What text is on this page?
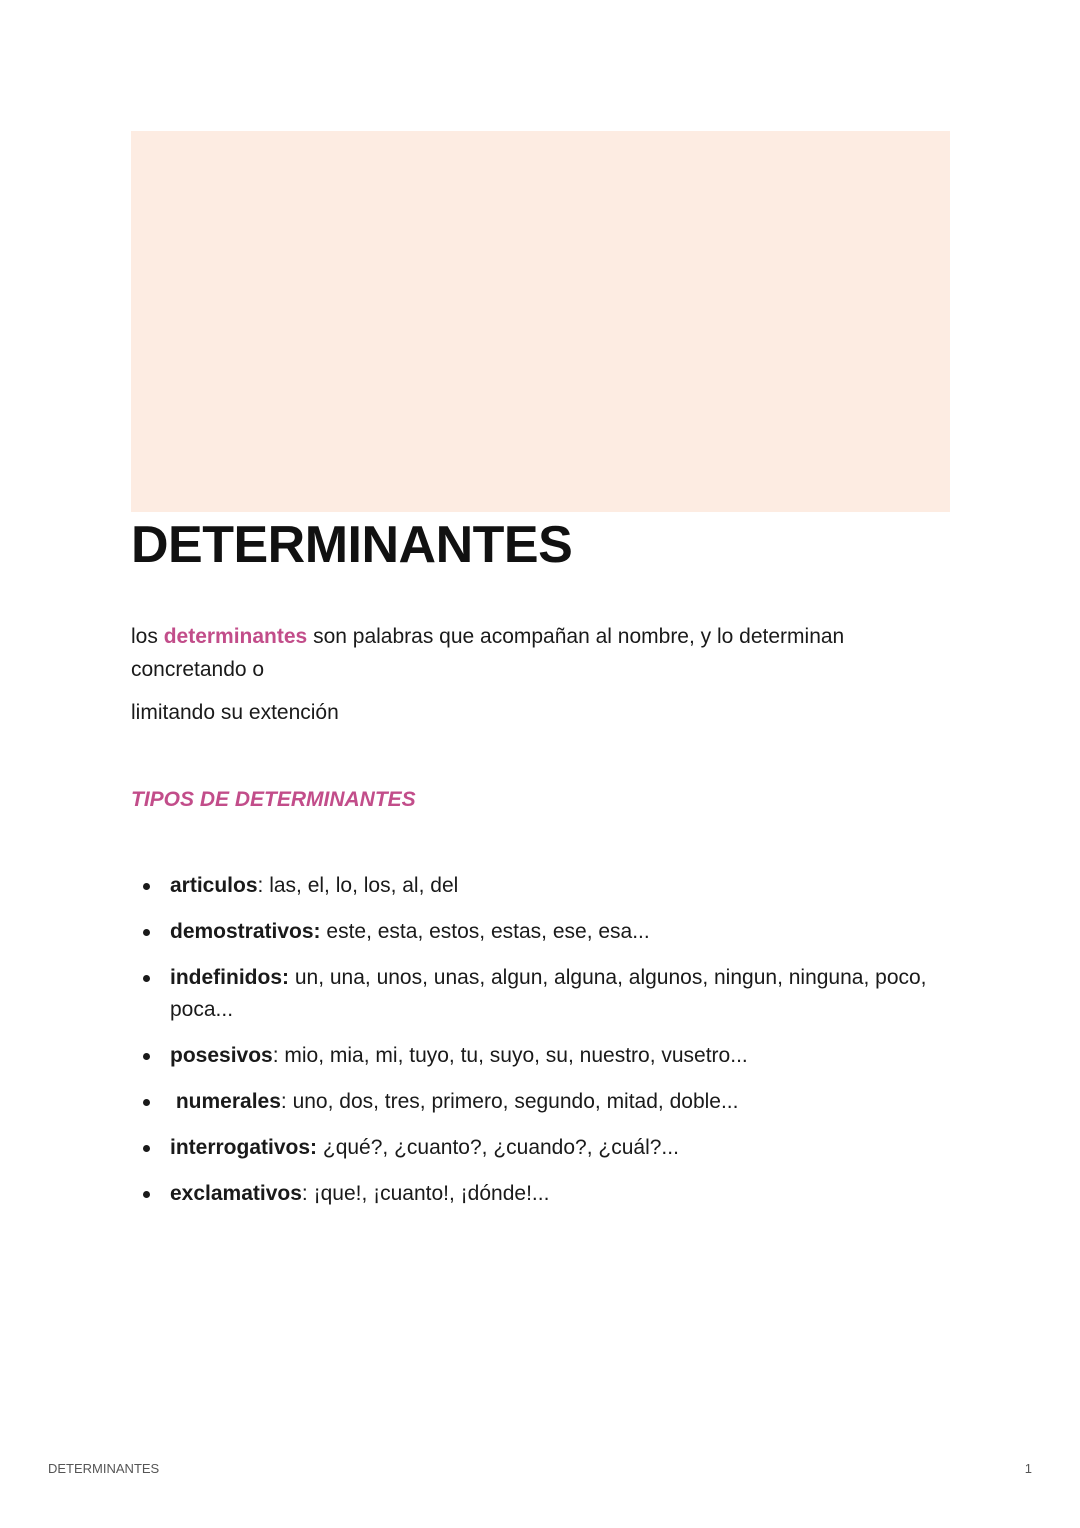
DETERMINANTES

los determinantes son palabras que acompañan al nombre, y lo determinan concretando o

limitando su extención

TIPOS DE DETERMINANTES
articulos: las, el, lo, los, al, del
demostrativos: este, esta, estos, estas, ese, esa...
indefinidos: un, una, unos, unas, algun, alguna, algunos, ningun, ninguna, poco, poca...
posesivos: mio, mia, mi, tuyo, tu, suyo, su, nuestro, vusetro...
numerales: uno, dos, tres, primero, segundo, mitad, doble...
interrogativos: ¿qué?, ¿cuanto?, ¿cuando?, ¿cuál?...
exclamativos: ¡que!, ¡cuanto!, ¡dónde!...
DETERMINANTES	1
